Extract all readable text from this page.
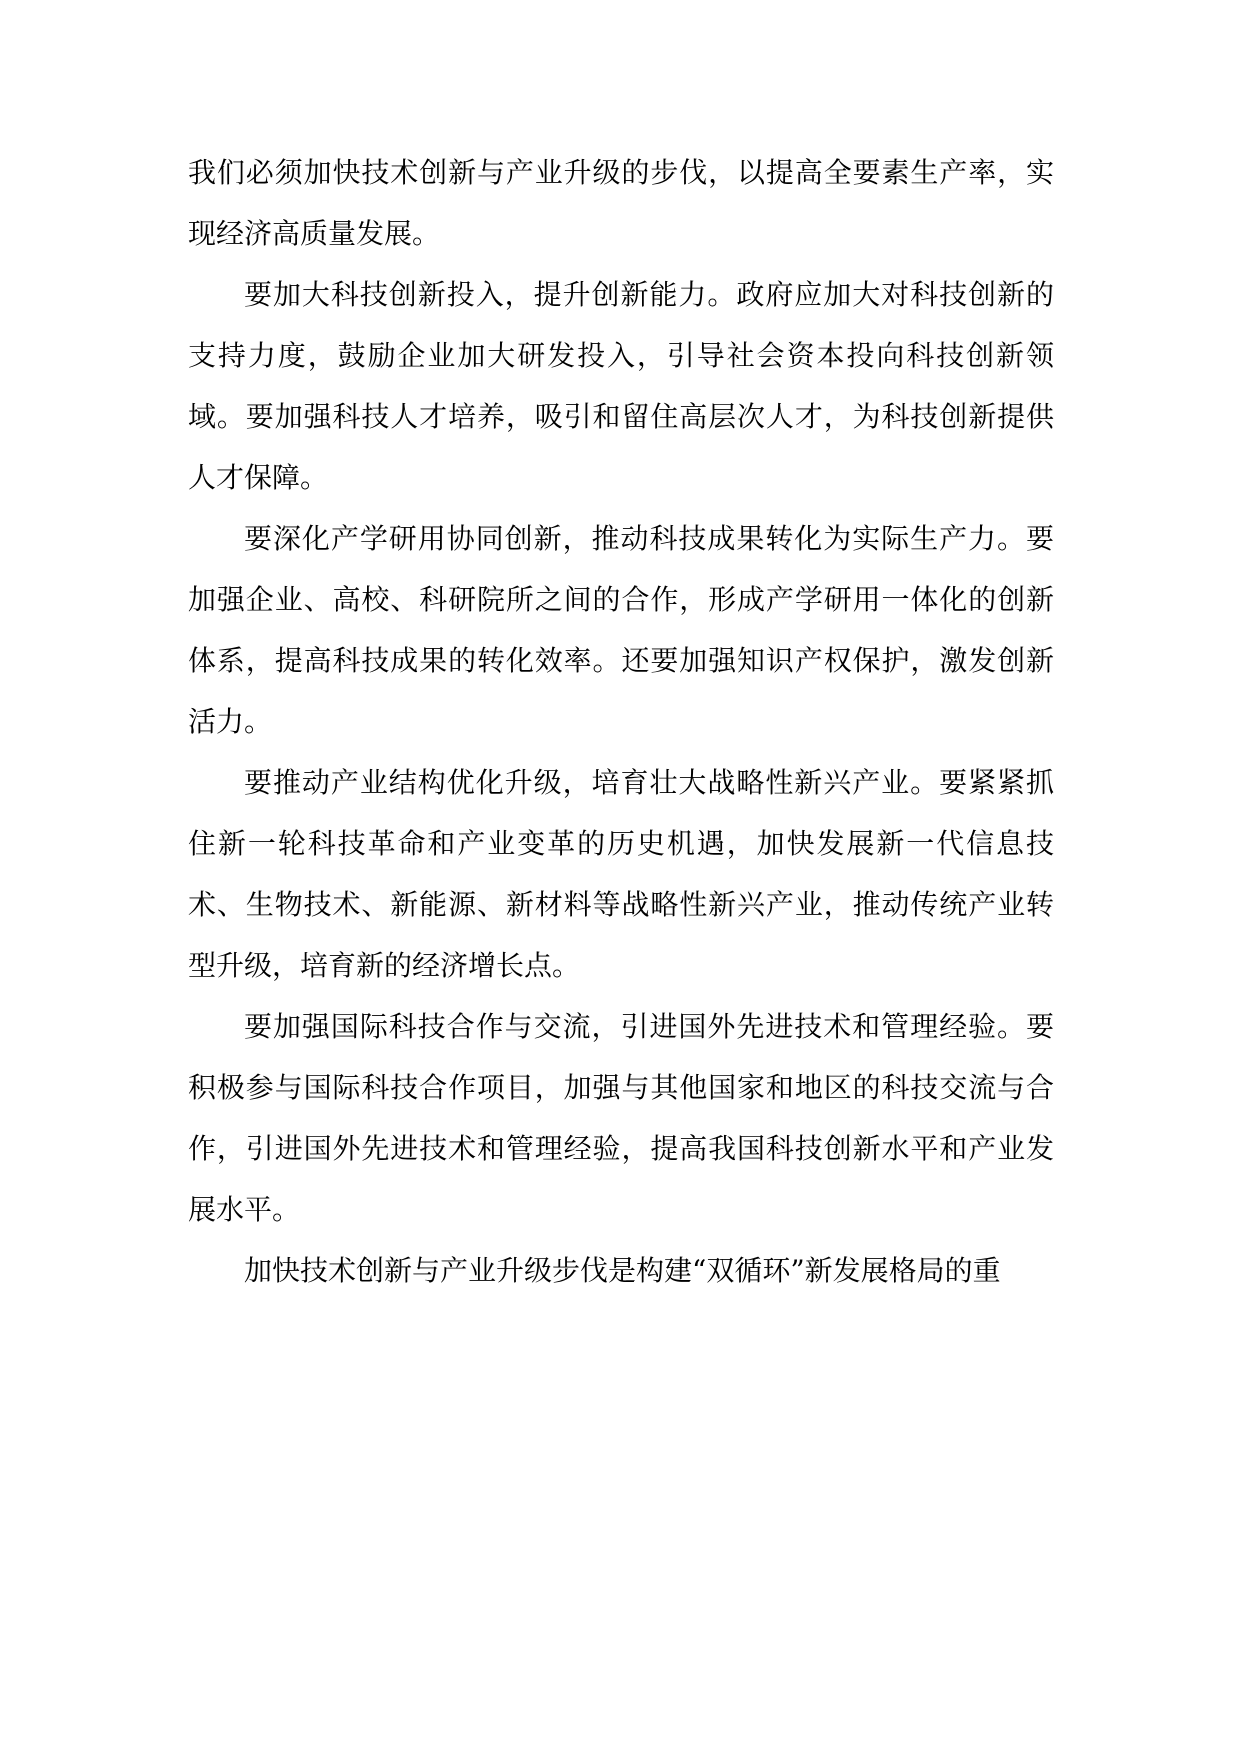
我们必须加快技术创新与产业升级的步伐，以提高全要素生产率，实现经济高质量发展。

要加大科技创新投入，提升创新能力。政府应加大对科技创新的支持力度，鼓励企业加大研发投入，引导社会资本投向科技创新领域。要加强科技人才培养，吸引和留住高层次人才，为科技创新提供人才保障。

要深化产学研用协同创新，推动科技成果转化为实际生产力。要加强企业、高校、科研院所之间的合作，形成产学研用一体化的创新体系，提高科技成果的转化效率。还要加强知识产权保护，激发创新活力。

要推动产业结构优化升级，培育壮大战略性新兴产业。要紧紧抓住新一轮科技革命和产业变革的历史机遇，加快发展新一代信息技术、生物技术、新能源、新材料等战略性新兴产业，推动传统产业转型升级，培育新的经济增长点。

要加强国际科技合作与交流，引进国外先进技术和管理经验。要积极参与国际科技合作项目，加强与其他国家和地区的科技交流与合作，引进国外先进技术和管理经验，提高我国科技创新水平和产业发展水平。

加快技术创新与产业升级步伐是构建“双循环”新发展格局的重
